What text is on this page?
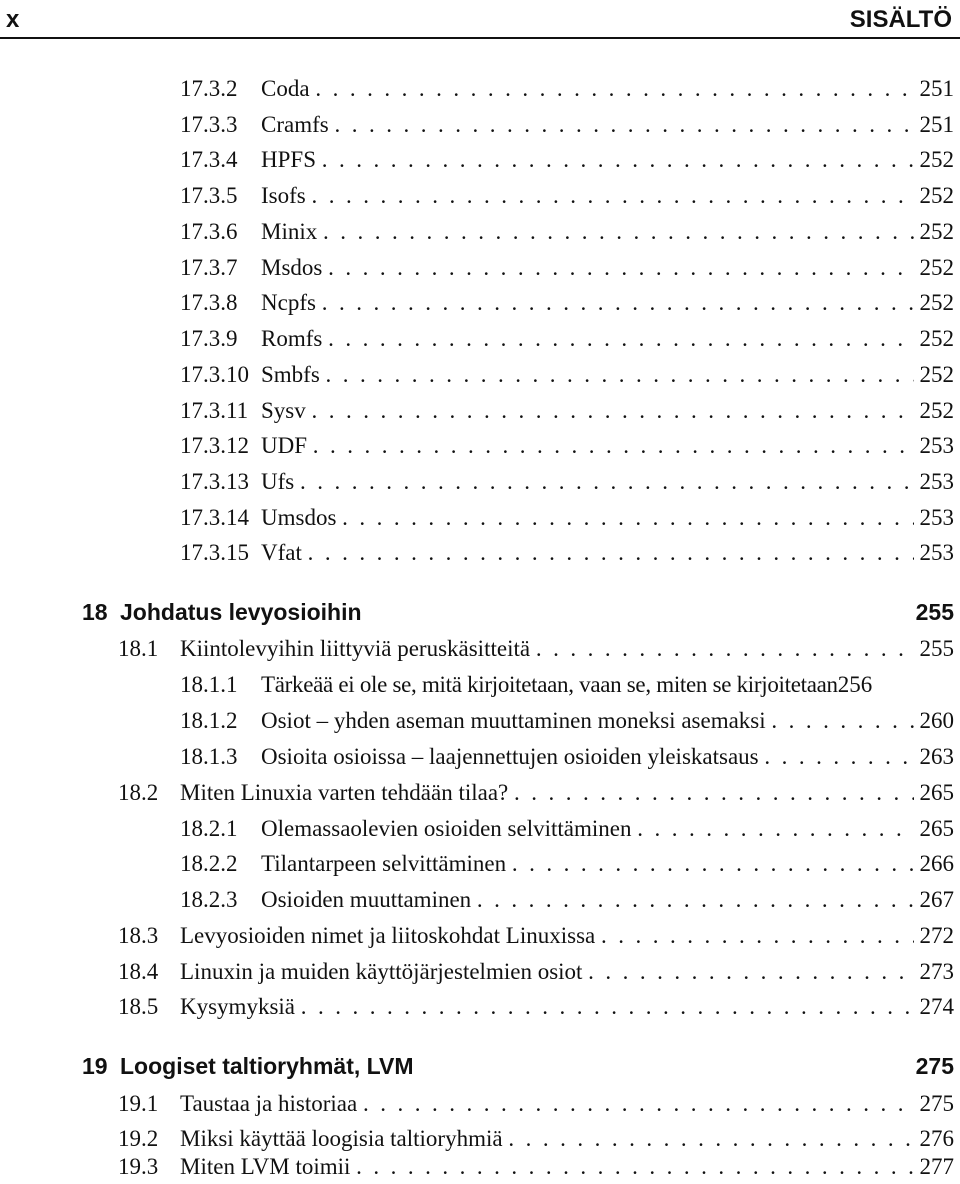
x	SISÄLTÖ
17.3.2	Coda . .	251
17.3.3	Cramfs . .	251
17.3.4	HPFS . .	252
17.3.5	Isofs . .	252
17.3.6	Minix . .	252
17.3.7	Msdos . .	252
17.3.8	Ncpfs . .	252
17.3.9	Romfs . .	252
17.3.10 Smbfs . .	252
17.3.11 Sysv . .	252
17.3.12 UDF . .	253
17.3.13 Ufs . .	253
17.3.14 Umsdos . .	253
17.3.15 Vfat . .	253
18 Johdatus levyosioihin	255
18.1 Kiintolevyihin liittyviä peruskäsitteitä . .	255
18.1.1	Tärkeää ei ole se, mitä kirjoitetaan, vaan se, miten se kirjoitetaan 256
18.1.2	Osiot – yhden aseman muuttaminen moneksi asemaksi . .	260
18.1.3	Osioita osioissa – laajennettujen osioiden yleiskatsaus . .	263
18.2 Miten Linuxia varten tehdään tilaa? . .	265
18.2.1	Olemassaolevien osioiden selvittäminen . .	265
18.2.2	Tilantarpeen selvittäminen . .	266
18.2.3	Osioiden muuttaminen . .	267
18.3 Levyosioiden nimet ja liitoskohdat Linuxissa . .	272
18.4 Linuxin ja muiden käyttöjärjestelmien osiot . .	273
18.5 Kysymyksiä . .	274
19 Loogiset taltioryhmät, LVM	275
19.1 Taustaa ja historiaa . .	275
19.2 Miksi käyttää loogisia taltioryhmiä . .	276
19.3 Miten LVM toimii . .	277
